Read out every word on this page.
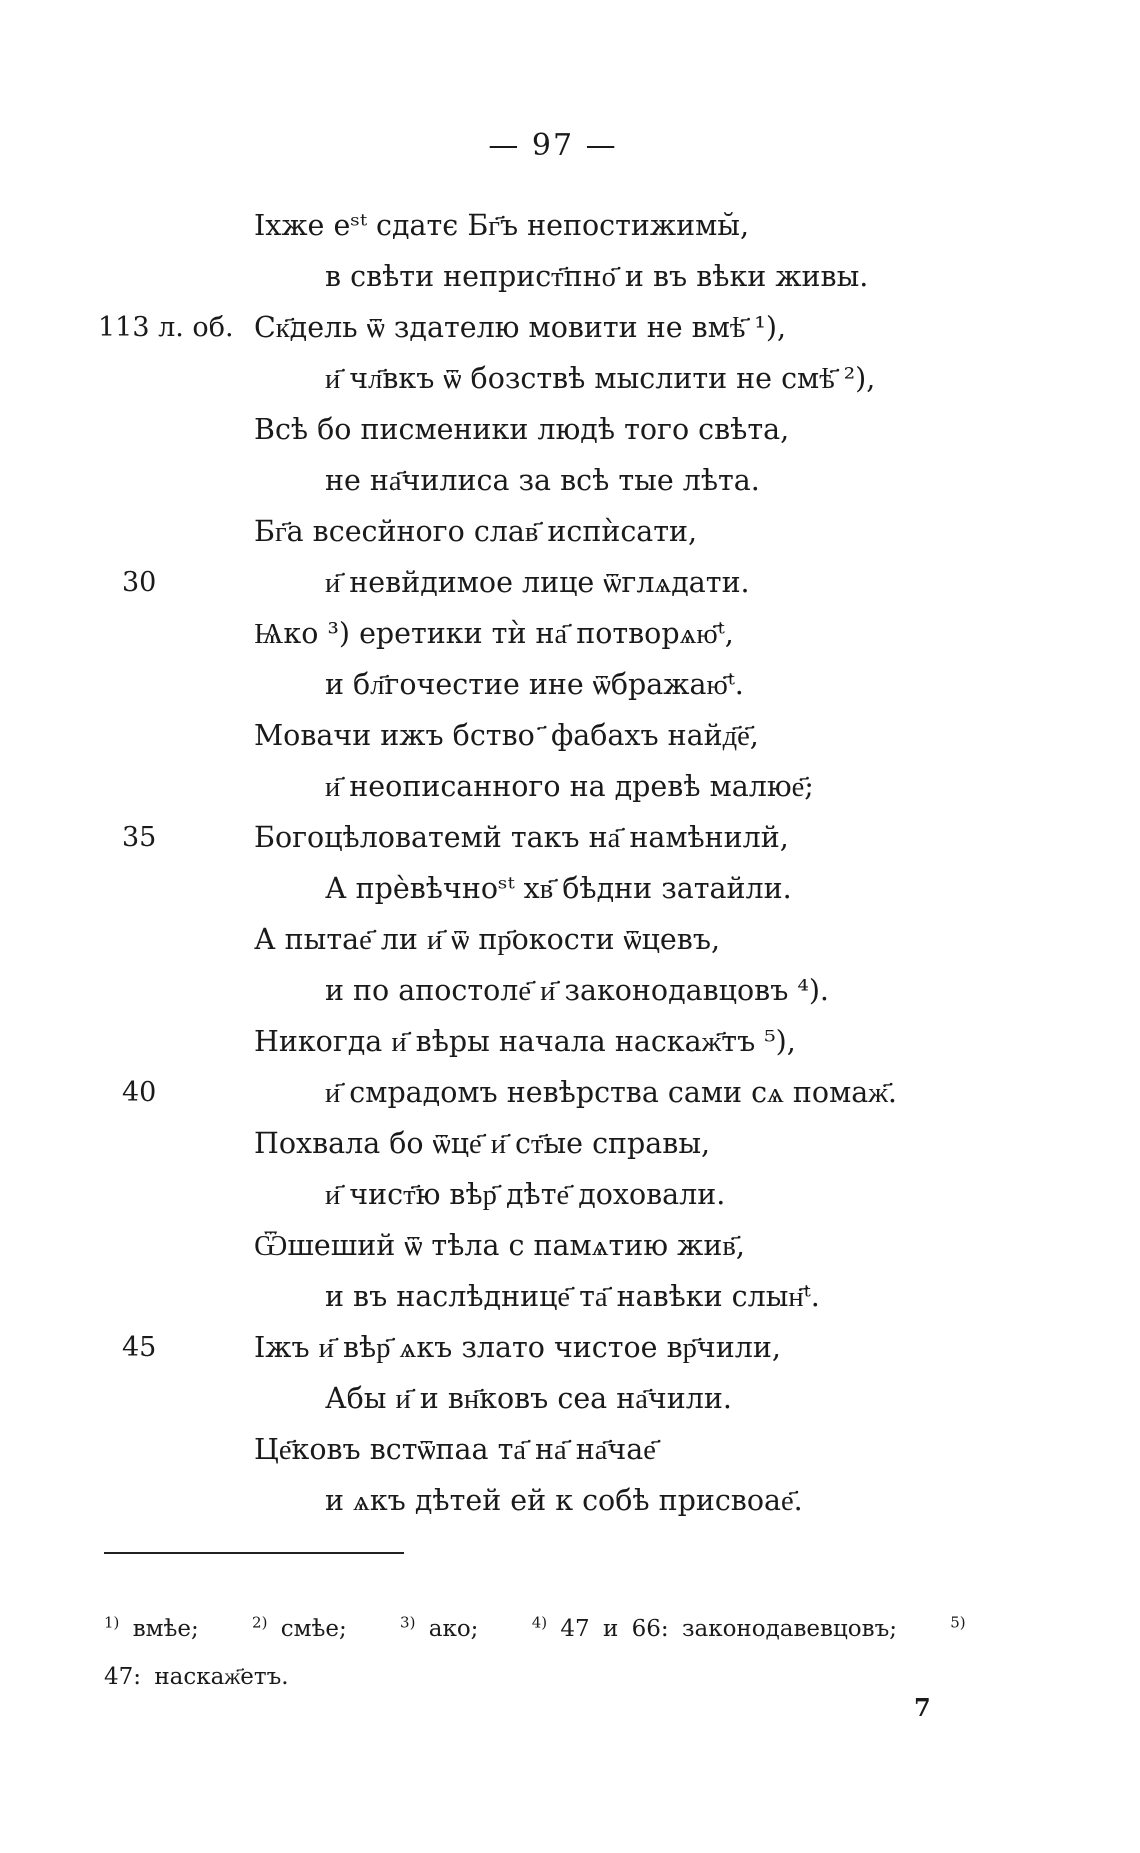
— 97 —
Іхже еˢᵗ сдатє Бг҃ъ непостижимы̆,
в свѣти неприст҃пно҃ и въ вѣки живы.
113 л. об. Ск҃дель ѿ здателю мовити не вмѣ҃ ¹),
и҃ чл҃вкъ ѿ бозствѣ мыслити не смѣ҃ ²),
Всѣ бо писменики людѣ того свѣта,
не на҃чилиса за всѣ тые лѣта.
Бг҃а всесйного слав҃ испѝсати,
30	и҃ невйдимое лице ѿглѧдати.
Ѩко ³) еретики тѝ на҃ потворѧю҃ᵗ,
и бл҃гочестие ине ѿбражаю҃ᵗ.
Мовачи ижъ бство ҃ фабахъ найд҃е҃,
и҃ неописанного на древѣ малюе҃;
35	Богоцѣловатемй такъ на҃ намѣнилй,
А прѐвѣчноˢᵗ хв҃ бѣдни затайли.
А пытае҃ ли и҃ ѿ пр҃окости ѿцевъ,
и по апостоле҃ и҃ законодавцовъ ⁴).
Никогда и҃ вѣры начала наскаж҃тъ ⁵),
40	и҃ смрадомъ невѣрства сами сѧ помаж҃.
Похвала бо ѿце҃ и҃ ст҃ые справы,
и҃ чист҃ю вѣр҃ дѣте҃ доховали.
Ѿшеший ѿ тѣла с памѧтию жив҃,
и въ наслѣднице҃ та҃ навѣки слын҃ᵗ.
45	Іжъ и҃ вѣр҃ ѧкъ злато чистое вр҃чили,
Абы и҃ и вн҃ковъ сеа на҃чили.
Це҃ковъ встѿпаа та҃ на҃ на҃чае҃
и ѧкъ дѣтей ей к собѣ присвоае҃.
$^{1)}$ вмѣе;	$^{2)}$ смѣе;	$^{3)}$ ако;	$^{4)}$ 47 и 66: законодавевцовъ;	$^{5)}$ 47: наскаж҃етъ.
7
